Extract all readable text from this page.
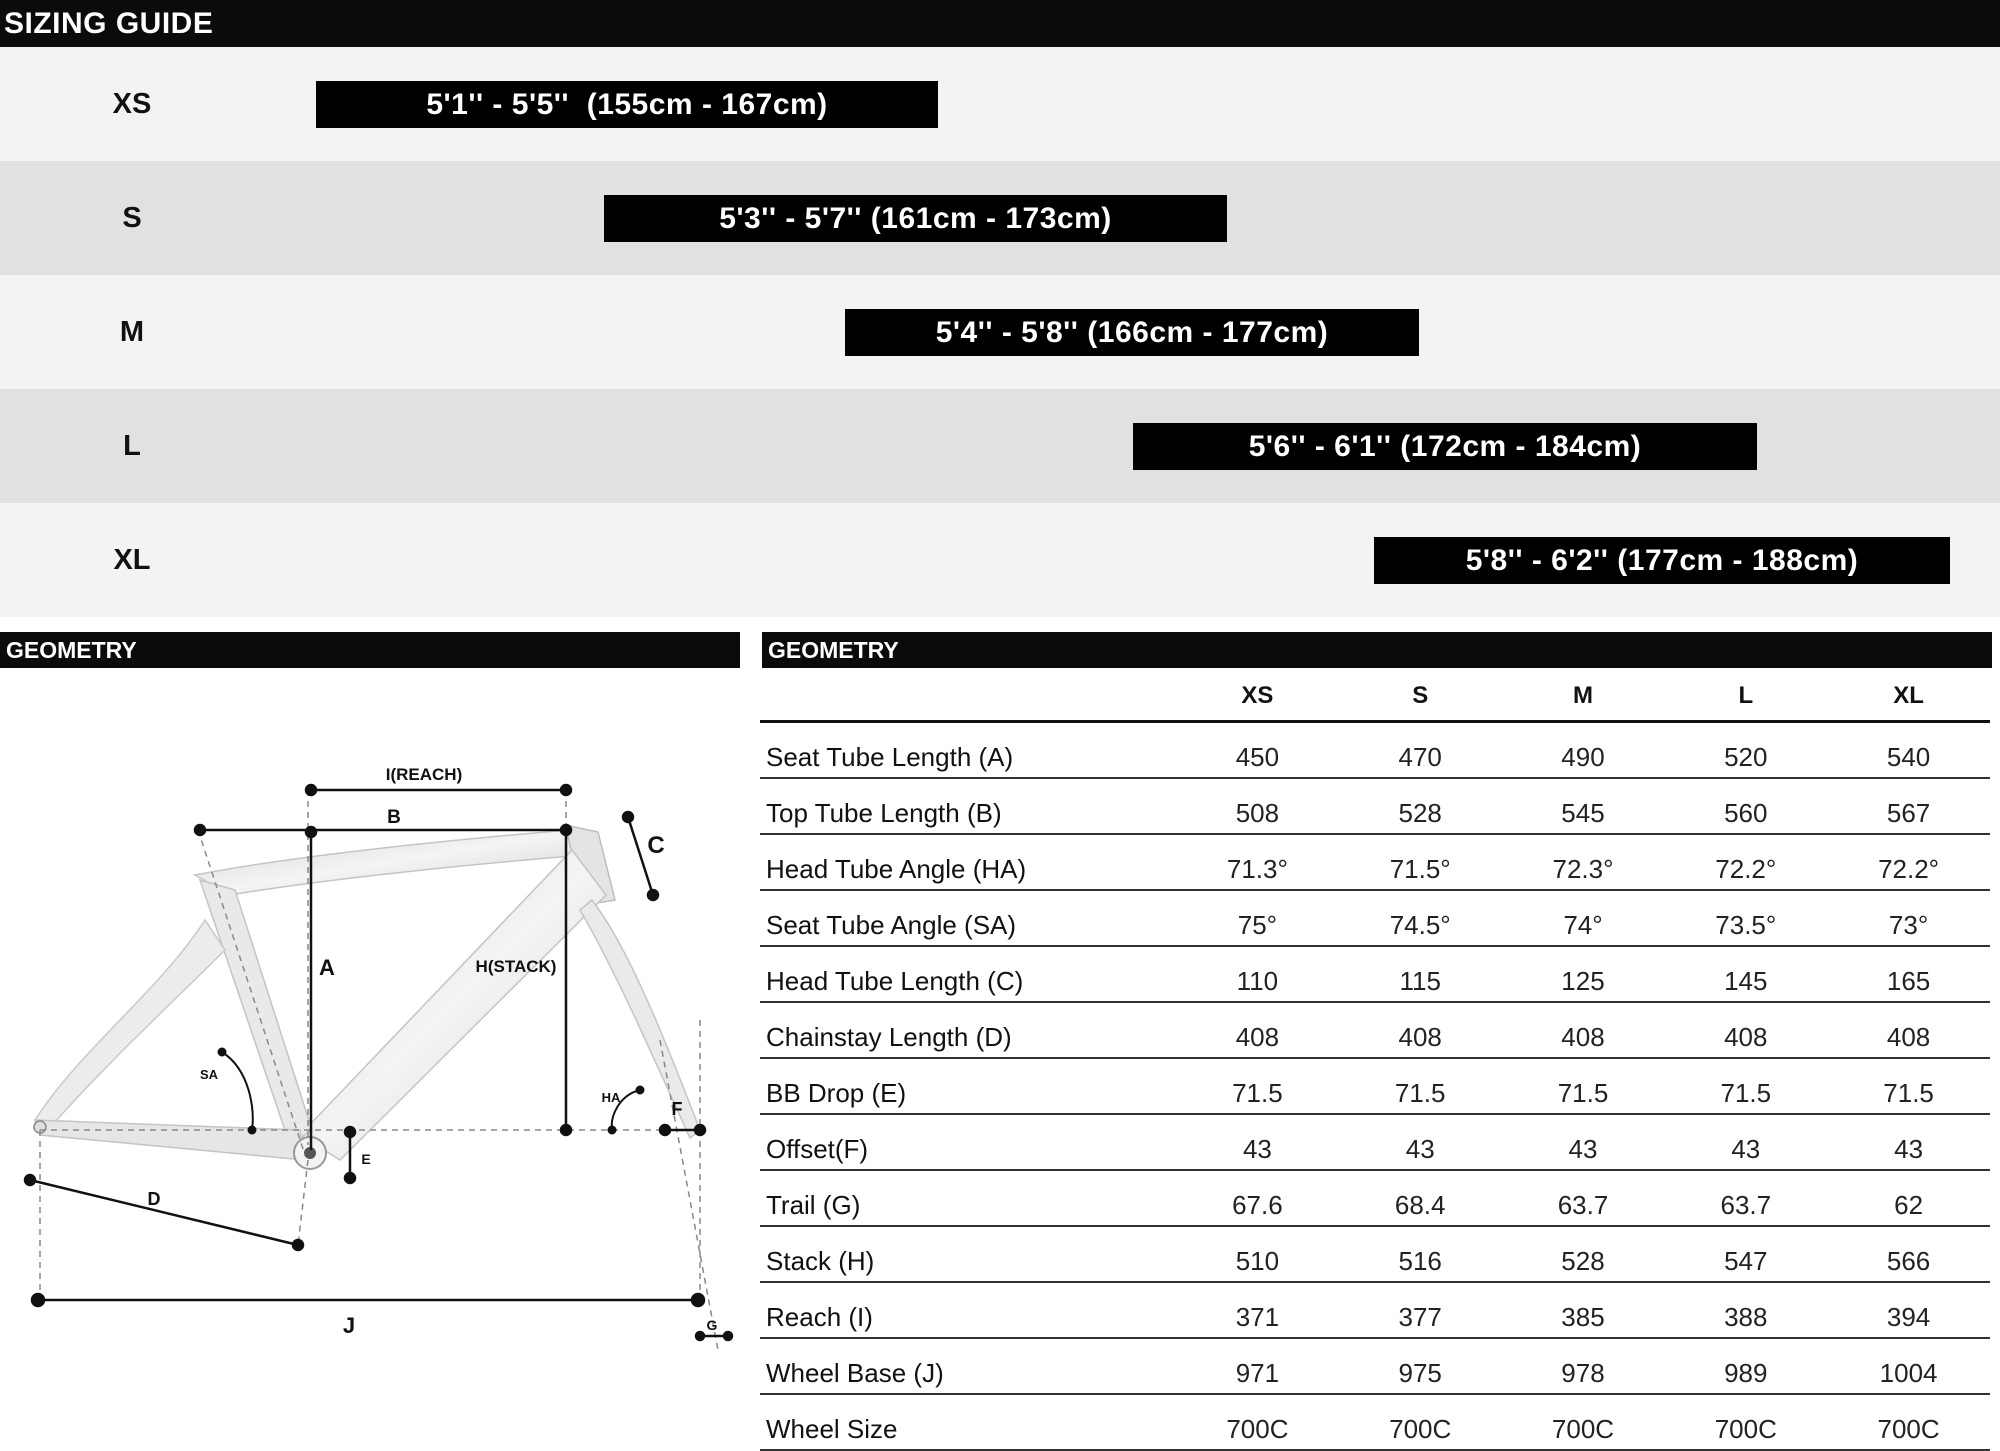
SIZING GUIDE
XS	5'1'' - 5'5''  (155cm - 167cm)
S	5'3'' - 5'7'' (161cm - 173cm)
M	5'4'' - 5'8'' (166cm - 177cm)
L	5'6'' - 6'1'' (172cm - 184cm)
XL	5'8'' - 6'2'' (177cm - 188cm)
GEOMETRY	GEOMETRY
I(REACH)
B
C
A	H(STACK)
SA
HA
F
E
D
J	G
	XS	S	M	L	XL
Seat Tube Length (A)	450	470	490	520	540
Top Tube Length (B)	508	528	545	560	567
Head Tube Angle (HA)	71.3°	71.5°	72.3°	72.2°	72.2°
Seat Tube Angle (SA)	75°	74.5°	74°	73.5°	73°
Head Tube Length (C)	110	115	125	145	165
Chainstay Length (D)	408	408	408	408	408
BB Drop (E)	71.5	71.5	71.5	71.5	71.5
Offset(F)	43	43	43	43	43
Trail (G)	67.6	68.4	63.7	63.7	62
Stack (H)	510	516	528	547	566
Reach (I)	371	377	385	388	394
Wheel Base (J)	971	975	978	989	1004
Wheel Size	700C	700C	700C	700C	700C
